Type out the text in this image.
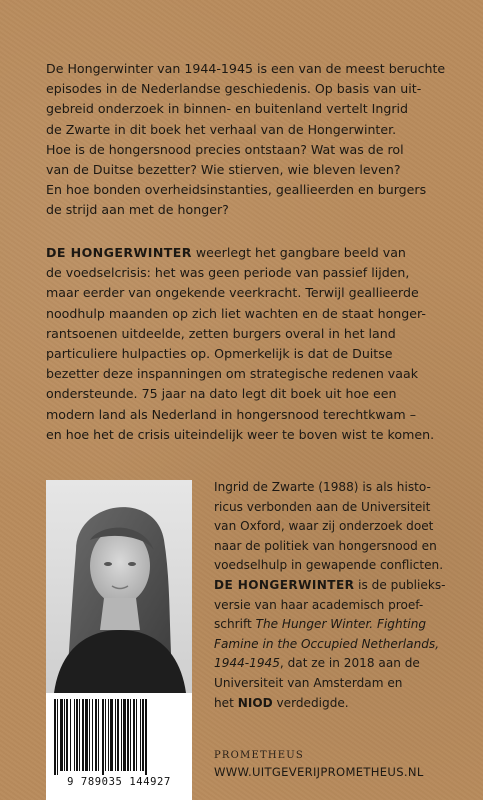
De Hongerwinter van 1944-1945 is een van de meest beruchte
episodes in de Nederlandse geschiedenis. Op basis van uit-
gebreid onderzoek in binnen- en buitenland vertelt Ingrid
de Zwarte in dit boek het verhaal van de Hongerwinter.
Hoe is de hongersnood precies ontstaan? Wat was de rol
van de Duitse bezetter? Wie stierven, wie bleven leven?
En hoe bonden overheidsinstanties, geallieerden en burgers
de strijd aan met de honger?
DE HONGERWINTER weerlegt het gangbare beeld van
de voedselcrisis: het was geen periode van passief lijden,
maar eerder van ongekende veerkracht. Terwijl geallieerde
noodhulp maanden op zich liet wachten en de staat honger-
rantsoenen uitdeelde, zetten burgers overal in het land
particuliere hulpacties op. Opmerkelijk is dat de Duitse
bezetter deze inspanningen om strategische redenen vaak
ondersteunde. 75 jaar na dato legt dit boek uit hoe een
modern land als Nederland in hongersnood terechtkwam –
en hoe het de crisis uiteindelijk weer te boven wist te komen.
9 789035 144927
Ingrid de Zwarte (1988) is als histo-
ricus verbonden aan de Universiteit
van Oxford, waar zij onderzoek doet
naar de politiek van hongersnood en
voedselhulp in gewapende conflicten.
DE HONGERWINTER is de publieks-
versie van haar academisch proef-
schrift The Hunger Winter. Fighting
Famine in the Occupied Netherlands,
1944-1945, dat ze in 2018 aan de
Universiteit van Amsterdam en
het NIOD verdedigde.
PROMETHEUS
WWW.UITGEVERIJPROMETHEUS.NL
